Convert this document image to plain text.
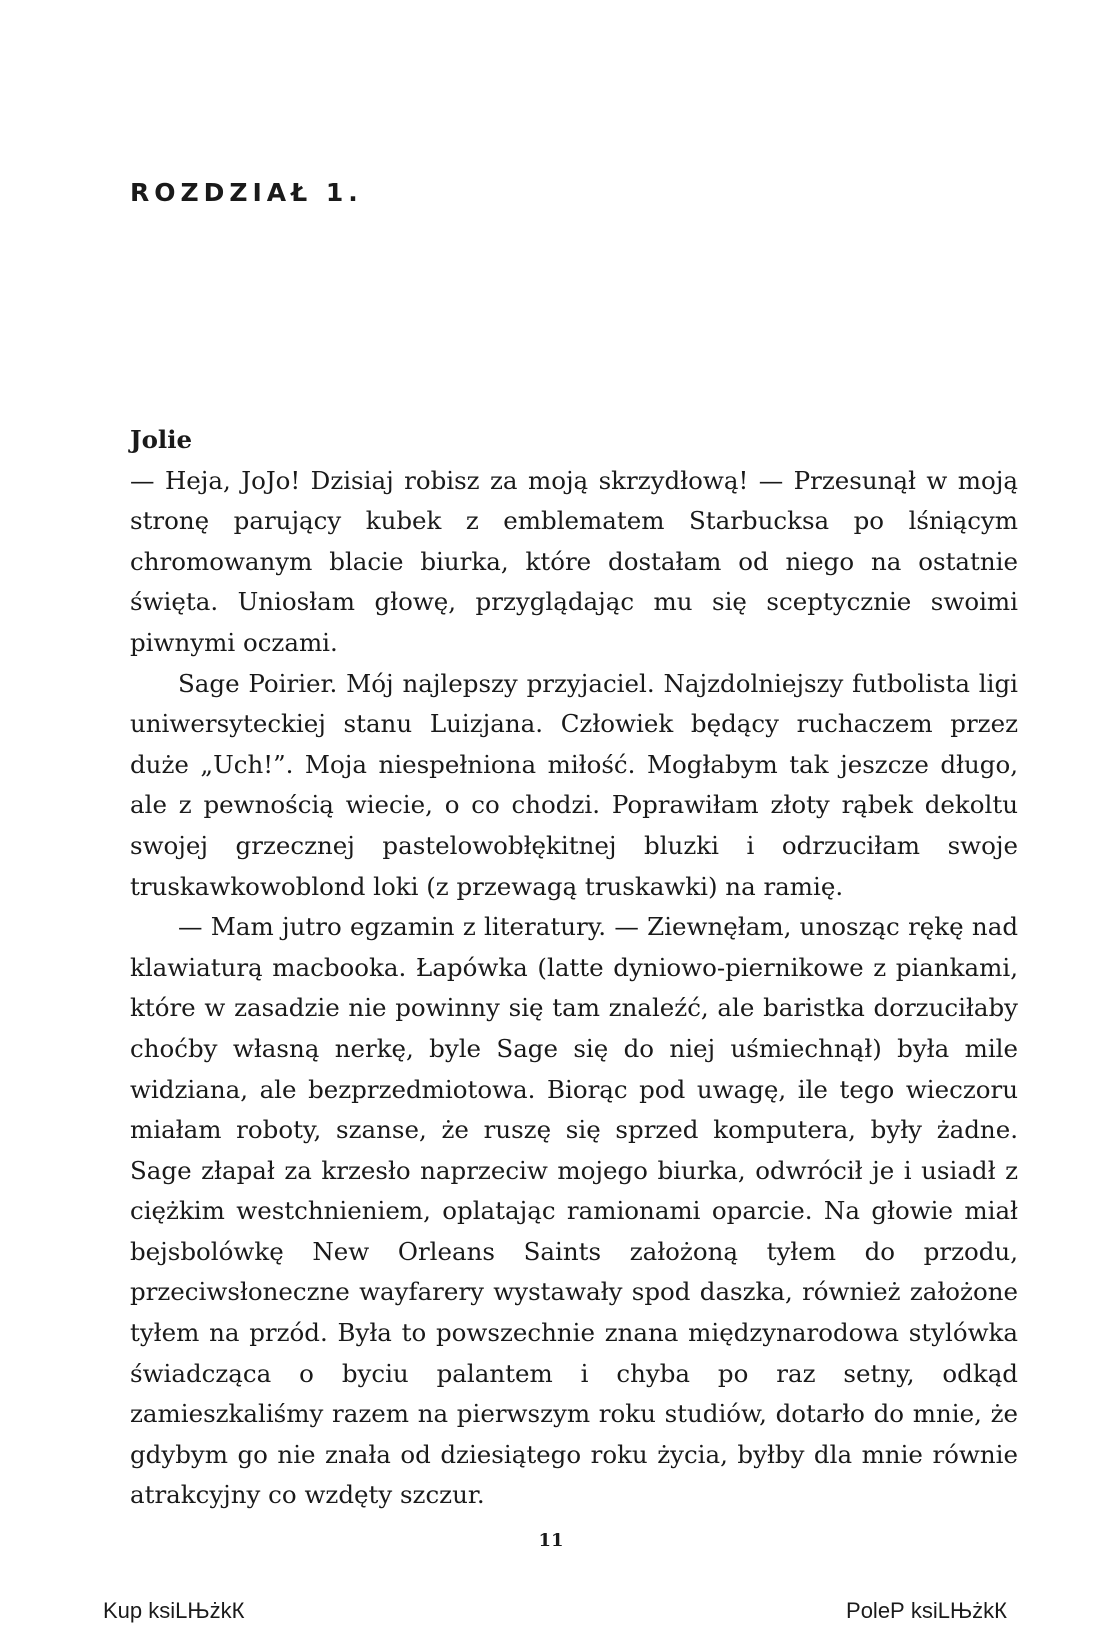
ROZDZIAŁ 1.

Jolie

— Heja, JoJo! Dzisiaj robisz za moją skrzydłową! — Przesunął w moją stronę parujący kubek z emblematem Starbucksa po lśniącym chromowanym blacie biurka, które dostałam od niego na ostatnie święta. Uniosłam głowę, przyglądając mu się sceptycznie swoimi piwnymi oczami.

Sage Poirier. Mój najlepszy przyjaciel. Najzdolniejszy futbolista ligi uniwersyteckiej stanu Luizjana. Człowiek będący ruchaczem przez duże „Uch!”. Moja niespełniona miłość. Mogłabym tak jeszcze długo, ale z pewnością wiecie, o co chodzi. Poprawiłam złoty rąbek dekoltu swojej grzecznej pastelowobłękitnej bluzki i odrzuciłam swoje truskawkowoblond loki (z przewagą truskawki) na ramię.

— Mam jutro egzamin z literatury. — Ziewnęłam, unosząc rękę nad klawiaturą macbooka. Łapówka (latte dyniowo-piernikowe z piankami, które w zasadzie nie powinny się tam znaleźć, ale baristka dorzuciłaby choćby własną nerkę, byle Sage się do niej uśmiechnął) była mile widziana, ale bezprzedmiotowa. Biorąc pod uwagę, ile tego wieczoru miałam roboty, szanse, że ruszę się sprzed komputera, były żadne. Sage złapał za krzesło naprzeciw mojego biurka, odwrócił je i usiadł z ciężkim westchnieniem, oplatając ramionami oparcie. Na głowie miał bejsbolówkę New Orleans Saints założoną tyłem do przodu, przeciwsłoneczne wayfarery wystawały spod daszka, również założone tyłem na przód. Była to powszechnie znana międzynarodowa stylówka świadcząca o byciu palantem i chyba po raz setny, odkąd zamieszkaliśmy razem na pierwszym roku studiów, dotarło do mnie, że gdybym go nie znała od dziesiątego roku życia, byłby dla mnie równie atrakcyjny co wzdęty szczur.

11
Kup ksiLЊżkК	PoleР ksiLЊżkК
